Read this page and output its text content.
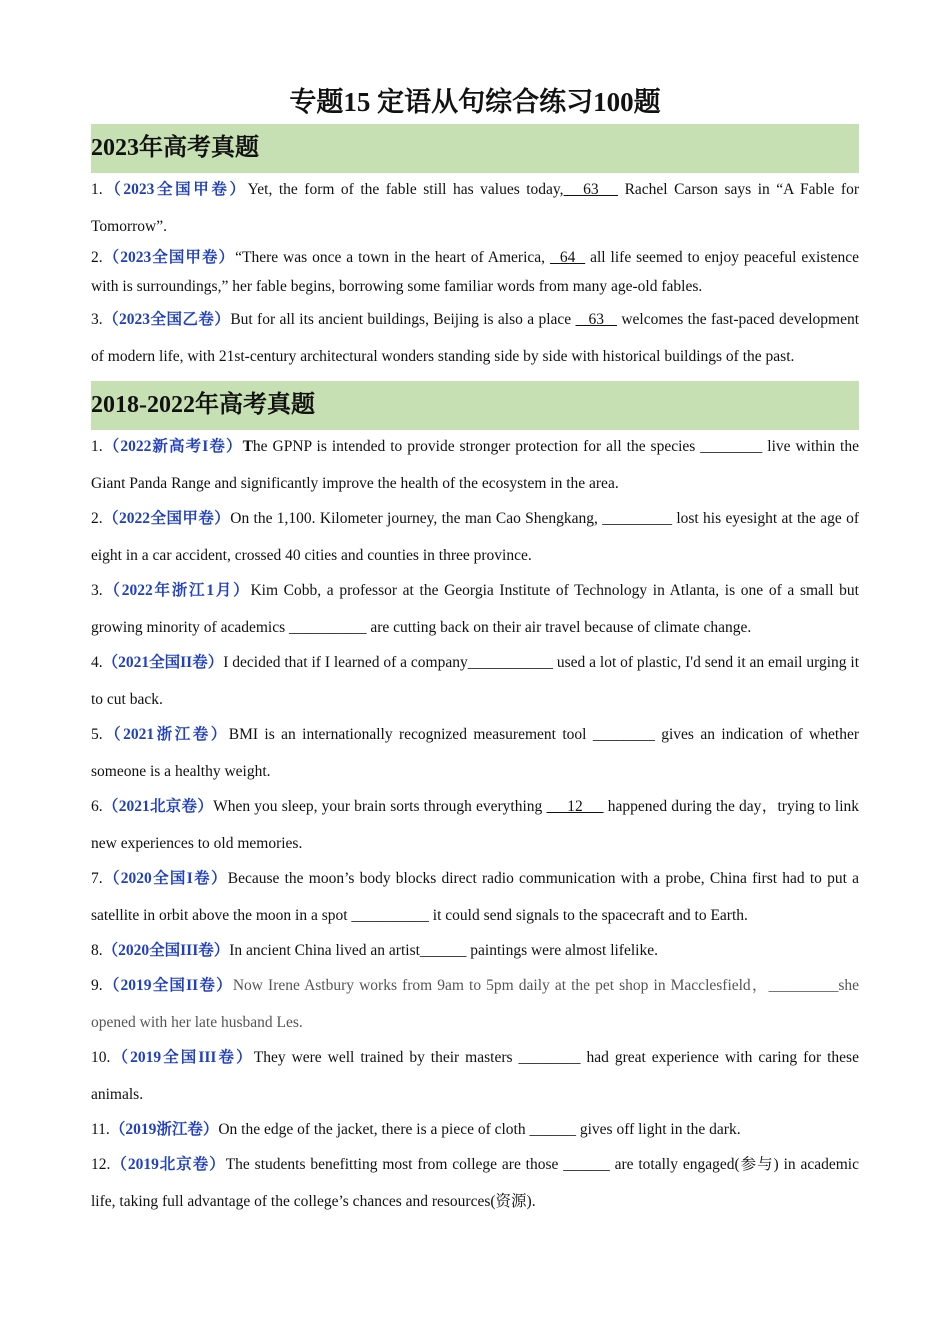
专题15 定语从句综合练习100题
2023年高考真题
1.（2023全国甲卷）Yet, the form of the fable still has values today,   63    Rachel Carson says in “A Fable for Tomorrow”.
2.（2023全国甲卷）“There was once a town in the heart of America,   64   all life seemed to enjoy peaceful existence with is surroundings,” her fable begins, borrowing some familiar words from many age-old fables.
3.（2023全国乙卷）But for all its ancient buildings, Beijing is also a place    63    welcomes the fast-paced development of modern life, with 21st-century architectural wonders standing side by side with historical buildings of the past.
2018-2022年高考真题
1.（2022新高考I卷）The GPNP is intended to provide stronger protection for all the species ________ live within the Giant Panda Range and significantly improve the health of the ecosystem in the area.
2.（2022全国甲卷）On the 1,100. Kilometer journey, the man Cao Shengkang, _________ lost his eyesight at the age of eight in a car accident, crossed 40 cities and counties in three province.
3.（2022年浙江1月）Kim Cobb, a professor at the Georgia Institute of Technology in Atlanta, is one of a small but growing minority of academics __________ are cutting back on their air travel because of climate change.
4.（2021全国II卷）I decided that if I learned of a company___________ used a lot of plastic, I'd send it an email urging it to cut back.
5.（2021浙江卷）BMI is an internationally recognized measurement tool ________ gives an indication of whether someone is a healthy weight.
6.（2021北京卷）When you sleep, your brain sorts through everything      12      happened during the day，trying to link new experiences to old memories.
7.（2020全国I卷）Because the moon’s body blocks direct radio communication with a probe, China first had to put a satellite in orbit above the moon in a spot __________ it could send signals to the spacecraft and to Earth.
8.（2020全国III卷）In ancient China lived an artist______ paintings were almost lifelike.
9.（2019全国II卷）Now Irene Astbury works from 9am to 5pm daily at the pet shop in Macclesfield，_________she opened with her late husband Les.
10.（2019全国III卷）They were well trained by their masters ________ had great experience with caring for these animals.
11.（2019浙江卷）On the edge of the jacket, there is a piece of cloth ______ gives off light in the dark.
12.（2019北京卷）The students benefitting most from college are those ______ are totally engaged(参与) in academic life, taking full advantage of the college’s chances and resources(资源).
